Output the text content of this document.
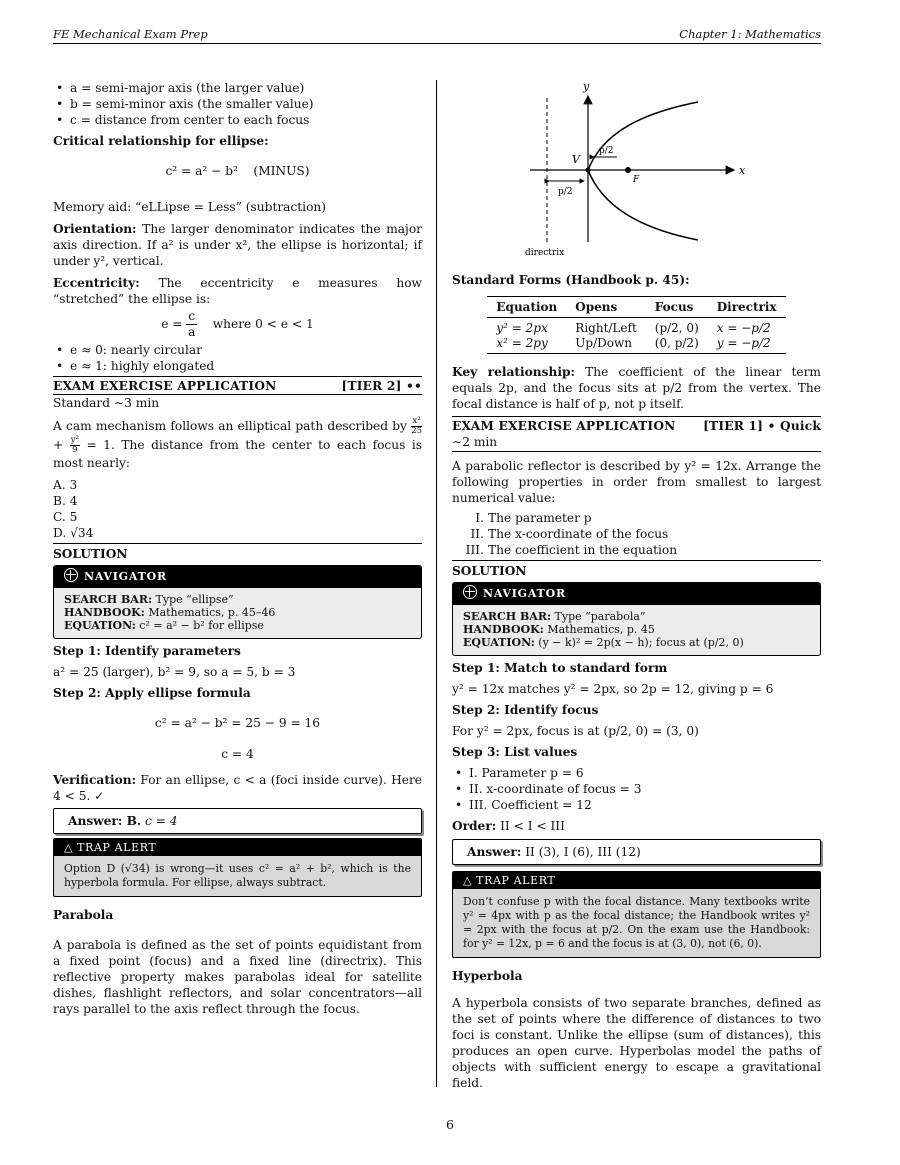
FE Mechanical Exam Prep	Chapter 1: Mathematics
• a = semi-major axis (the larger value)
• b = semi-minor axis (the smaller value)
• c = distance from center to each focus

Critical relationship for ellipse:

c² = a² − b²    (MINUS)

Memory aid: “eLLipse = Less” (subtraction)

Orientation: The larger denominator indicates the major axis direction. If a² is under x², the ellipse is horizontal; if under y², vertical.

Eccentricity: The eccentricity e measures how “stretched” the ellipse is:

$e = \frac{c}{a}$ where 0 < e < 1
• e ≈ 0: nearly circular
• e ≈ 1: highly elongated
EXAM EXERCISE APPLICATION	[TIER 2] ••

Standard ∼3 min

A cam mechanism follows an elliptical path described by $\frac{\text{x²}}{25}$
+ $\frac{\text{y²}}{9} = 1$. The distance from the center to each focus is most nearly:

A. 3

B. 4

C. 5

D. √34

SOLUTION
NAVIGATOR
SEARCH BAR: Type “ellipse”
HANDBOOK: Mathematics, p. 45–46
EQUATION: c² = a² − b² for ellipse

Step 1: Identify parameters

a² = 25 (larger), b² = 9, so a = 5, b = 3

Step 2: Apply ellipse formula

c² = a² − b² = 25 − 9 = 16

c = 4

Verification: For an ellipse, c < a (foci inside curve). Here 4 < 5. ✓

Answer: B. c = 4
△ TRAP ALERT
Option D (√34) is wrong—it uses c² = a² + b², which is the hyperbola formula. For ellipse, always subtract.

Parabola

A parabola is defined as the set of points equidistant from a fixed point (focus) and a fixed line (directrix). This reflective property makes parabolas ideal for satellite dishes, flashlight reflectors, and solar concentrators—all rays parallel to the axis reflect through the focus.

y
x
V
F
p/2
p/2
directrix

Standard Forms (Handbook p. 45):

Equation	Opens	Focus	Directrix
y² = 2px	Right/Left	(p/2, 0)	x = −p/2
x² = 2py	Up/Down	(0, p/2)	y = −p/2

Key relationship: The coefficient of the linear term equals 2p, and the focus sits at p/2 from the vertex. The focal distance is half of p, not p itself.

EXAM EXERCISE APPLICATION [TIER 1] • Quick

∼2 min

A parabolic reflector is described by y² = 12x. Arrange the following properties in order from smallest to largest numerical value:

I. The parameter p
II. The x-coordinate of the focus
III. The coefficient in the equation
SOLUTION
NAVIGATOR
SEARCH BAR: Type “parabola”
HANDBOOK: Mathematics, p. 45
EQUATION: (y − k)² = 2p(x − h); focus at (p/2, 0)

Step 1: Match to standard form

y² = 12x matches y² = 2px, so 2p = 12, giving p = 6

Step 2: Identify focus

For y² = 2px, focus is at (p/2, 0) = (3, 0)

Step 3: List values

• I. Parameter p = 6
• II. x-coordinate of focus = 3
• III. Coefficient = 12

Order: II < I < III

Answer: II (3), I (6), III (12)
△ TRAP ALERT
Don’t confuse p with the focal distance. Many textbooks write y² = 4px with p as the focal distance; the Handbook writes y² = 2px with the focus at p/2. On the exam use the Handbook: for y² = 12x, p = 6 and the focus is at (3, 0), not (6, 0).

Hyperbola

A hyperbola consists of two separate branches, defined as the set of points where the difference of distances to two foci is constant. Unlike the ellipse (sum of distances), this produces an open curve. Hyperbolas model the paths of objects with sufficient energy to escape a gravitational field.

6
